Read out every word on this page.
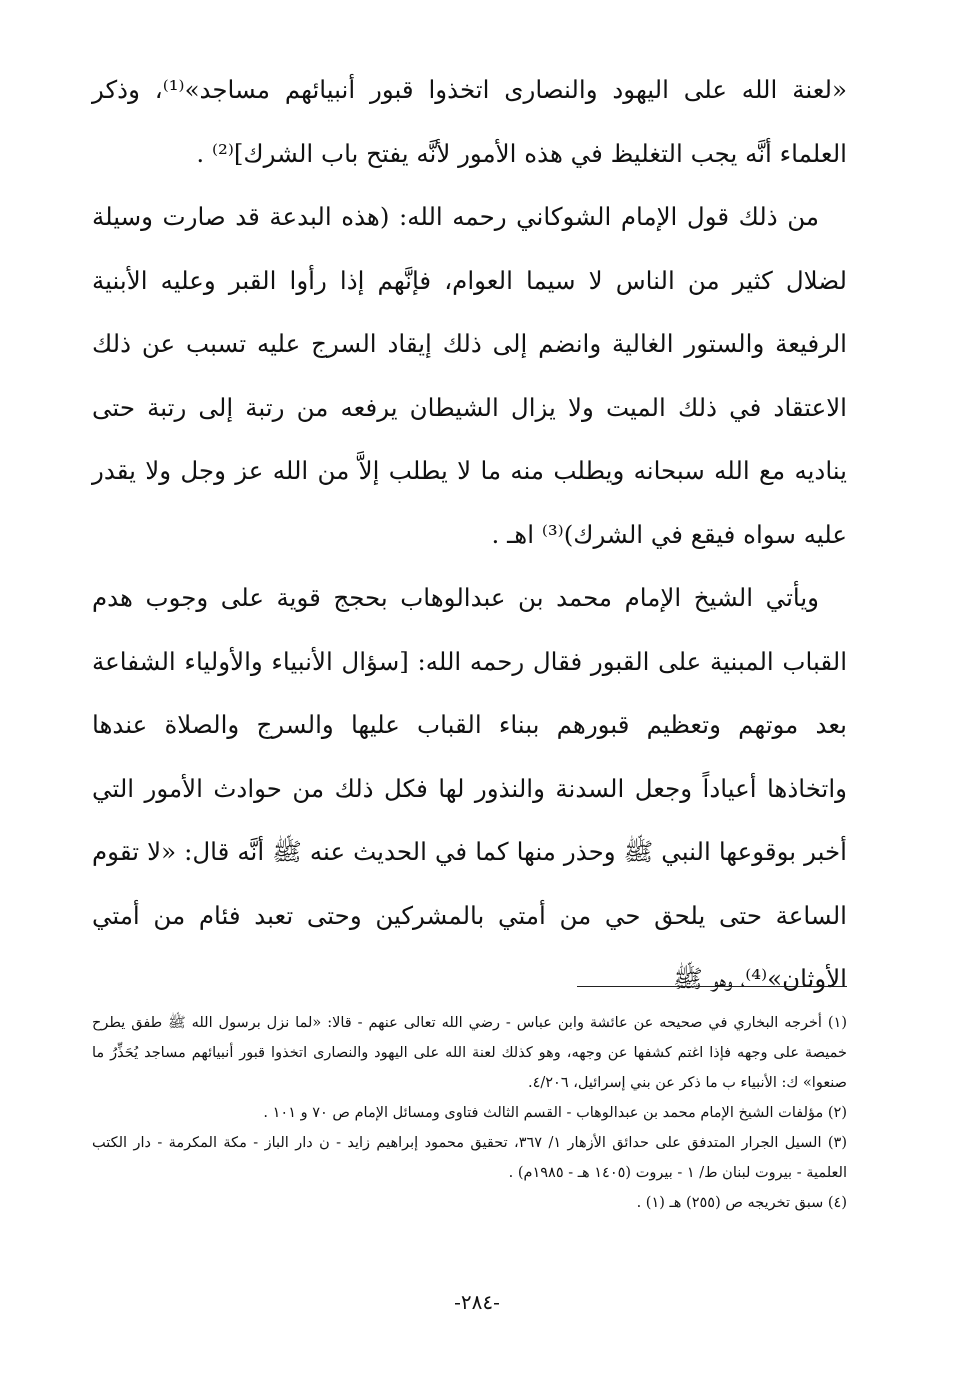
«لعنة الله على اليهود والنصارى اتخذوا قبور أنبيائهم مساجد»⁽¹⁾، وذكر العلماء أنَّه يجب التغليظ في هذه الأمور لأنَّه يفتح باب الشرك]⁽²⁾ .

من ذلك قول الإمام الشوكاني رحمه الله: (هذه البدعة قد صارت وسيلة لضلال كثير من الناس لا سيما العوام، فإنَّهم إذا رأوا القبر وعليه الأبنية الرفيعة والستور الغالية وانضم إلى ذلك إيقاد السرج عليه تسبب عن ذلك الاعتقاد في ذلك الميت ولا يزال الشيطان يرفعه من رتبة إلى رتبة حتى يناديه مع الله سبحانه ويطلب منه ما لا يطلب إلاَّ من الله عز وجل ولا يقدر عليه سواه فيقع في الشرك)⁽³⁾ اهـ .

ويأتي الشيخ الإمام محمد بن عبدالوهاب بحجج قوية على وجوب هدم القباب المبنية على القبور فقال رحمه الله: [سؤال الأنبياء والأولياء الشفاعة بعد موتهم وتعظيم قبورهم ببناء القباب عليها والسرج والصلاة عندها واتخاذها أعياداً وجعل السدنة والنذور لها فكل ذلك من حوادث الأمور التي أخبر بوقوعها النبي ﷺ وحذر منها كما في الحديث عنه ﷺ أنَّه قال: «لا تقوم الساعة حتى يلحق حي من أمتي بالمشركين وحتى تعبد فئام من أمتي الأوثان»⁽⁴⁾، وهو ﷺ

(١) أخرجه البخاري في صحيحه عن عائشة وابن عباس - رضي الله تعالى عنهم - قالا: «لما نزل برسول الله ﷺ طفق يطرح خميصة على وجهه فإذا اغتم كشفها عن وجهه، وهو كذلك لعنة الله على اليهود والنصارى اتخذوا قبور أنبيائهم مساجد يُحَذِّرُ ما صنعوا» ك: الأنبياء ب ما ذكر عن بني إسرائيل، ٤/٢٠٦.

(٢) مؤلفات الشيخ الإمام محمد بن عبدالوهاب - القسم الثالث فتاوى ومسائل الإمام ص ٧٠ و ١٠١ .

(٣) السيل الجرار المتدفق على حدائق الأزهار ١/ ٣٦٧، تحقيق محمود إبراهيم زايد - ن دار الباز - مكة المكرمة - دار الكتب العلمية - بيروت لبنان ط/ ١ - بيروت (١٤٠٥ هـ - ١٩٨٥م) .

(٤) سبق تخريجه ص (٢٥٥) هـ (١) .

-٢٨٤-
